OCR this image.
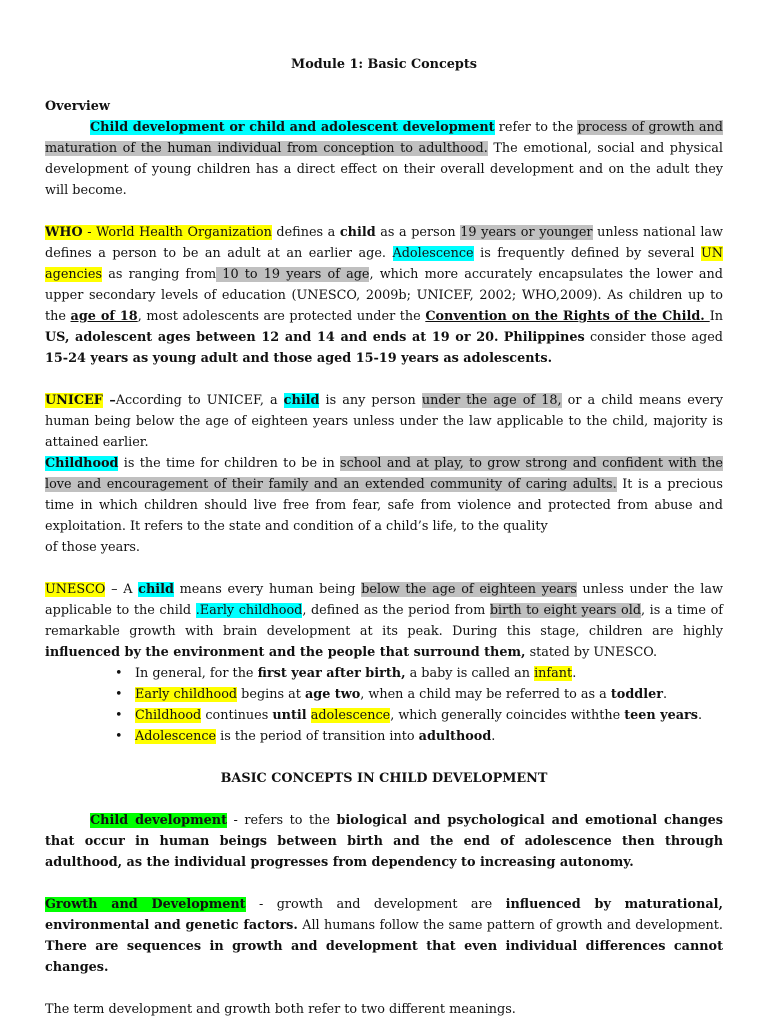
Module 1: Basic Concepts
Overview

Child development or child and adolescent development refer to the process of growth and maturation of the human individual from conception to adulthood. The emotional, social and physical development of young children has a direct effect on their overall development and on the adult they will become.

WHO - World Health Organization defines a child as a person 19 years or younger unless national law defines a person to be an adult at an earlier age. Adolescence is frequently defined by several UN agencies as ranging from 10 to 19 years of age, which more accurately encapsulates the lower and upper secondary levels of education (UNESCO, 2009b; UNICEF, 2002; WHO,2009). As children up to the age of 18, most adolescents are protected under the Convention on the Rights of the Child. In US, adolescent ages between 12 and 14 and ends at 19 or 20. Philippines consider those aged 15-24 years as young adult and those aged 15-19 years as adolescents.

UNICEF –According to UNICEF, a child is any person under the age of 18, or a child means every human being below the age of eighteen years unless under the law applicable to the child, majority is attained earlier.
Childhood is the time for children to be in school and at play, to grow strong and confident with the love and encouragement of their family and an extended community of caring adults. It is a precious time in which children should live free from fear, safe from violence and protected from abuse and exploitation. It refers to the state and condition of a child’s life, to the quality

of those years.

UNESCO – A child means every human being below the age of eighteen years unless under the law applicable to the child .Early childhood, defined as the period from birth to eight years old, is a time of remarkable growth with brain development at its peak. During this stage, children are highly influenced by the environment and the people that surround them, stated by UNESCO.

• In general, for the first year after birth, a baby is called an infant.
• Early childhood begins at age two, when a child may be referred to as a toddler.
• Childhood continues until adolescence, which generally coincides withthe teen years.
• Adolescence is the period of transition into adulthood.
BASIC CONCEPTS IN CHILD DEVELOPMENT

Child development - refers to the biological and psychological and emotional changes that occur in human beings between birth and the end of adolescence then through adulthood, as the individual progresses from dependency to increasing autonomy.

Growth and Development - growth and development are influenced by maturational, environmental and genetic factors. All humans follow the same pattern of growth and development. There are sequences in growth and development that even individual differences cannot changes.

The term development and growth both refer to two different meanings.
